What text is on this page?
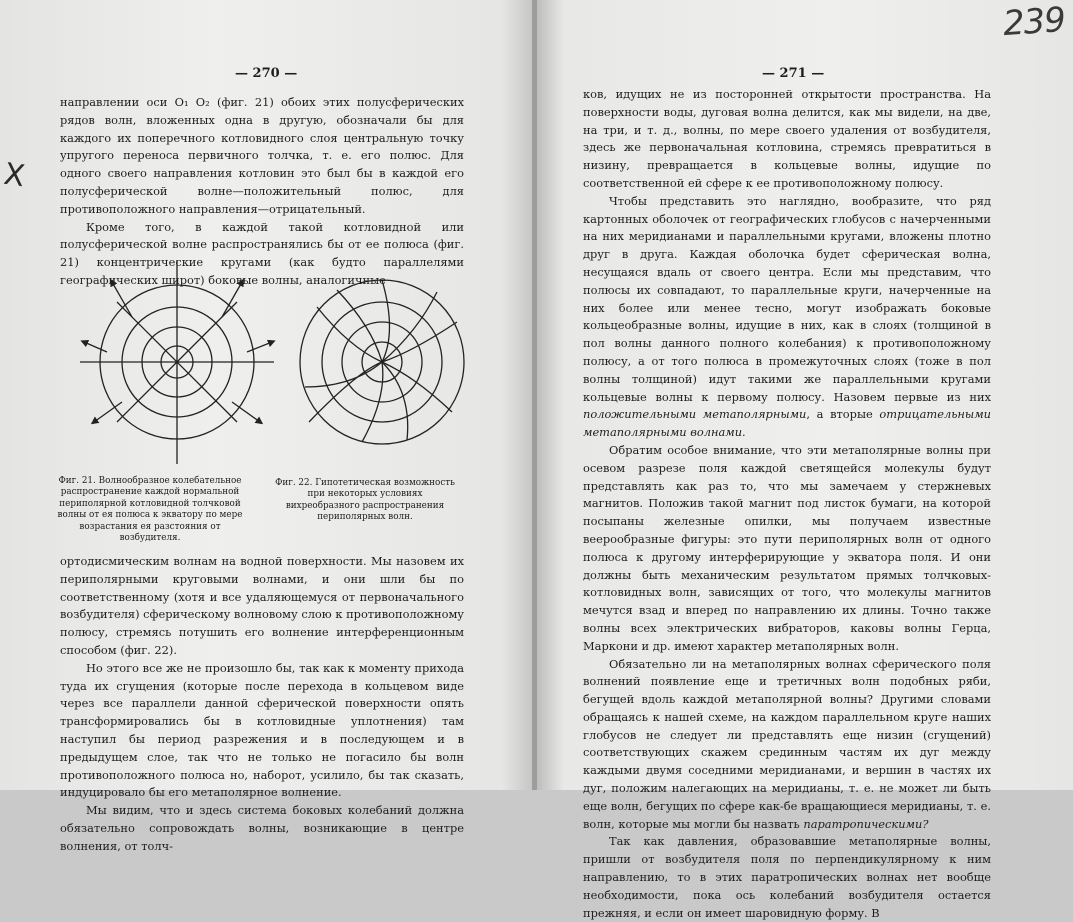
— 270 —
X

направлении оси O₁ O₂ (фиг. 21) обоих этих полусферических рядов волн, вложенных одна в другую, обозначали бы для каждого их поперечного котловидного слоя центральную точку упругого переноса первичного толчка, т. е. его полюс. Для одного своего направления котловин это был бы в каждой его полусферической волне—положительный полюс, для противоположного направления—отрицательный.

Кроме того, в каждой такой котловидной или полусферической волне распространялись бы от ее полюса (фиг. 21) концентрические кругами (как будто параллелями географических широт) боковые волны, аналогичные

Фиг. 21. Волнообразное колебательное распространение каждой нормальной периполярной котловидной толчковой волны от ея полюса к экватору по мере возрастания ея разстояния от возбудителя.
Фиг. 22. Гипотетическая возможность при некоторых условиях вихреобразного распространения периполярных волн.

ортодисмическим волнам на водной поверхности. Мы назовем их периполярными круговыми волнами, и они шли бы по соответственному (хотя и все удаляющемуся от первоначального возбудителя) сферическому волновому слою к противоположному полюсу, стремясь потушить его волнение интерференционным способом (фиг. 22).

Но этого все же не произошло бы, так как к моменту прихода туда их сгущения (которые после перехода в кольцевом виде через все параллели данной сферической поверхности опять трансформировались бы в котловидные уплотнения) там наступил бы период разрежения и в последующем и в предыдущем слое, так что не только не погасило бы волн противоположного полюса но, наборот, усилило, бы так сказать, индуцировало бы его метаполярное волнение.

Мы видим, что и здесь система боковых колебаний должна обязательно сопровождать волны, возникающие в центре волнения, от толч-

239
— 271 —

ков, идущих не из посторонней открытости пространства. На поверхности воды, дуговая волна делится, как мы видели, на две, на три, и т. д., волны, по мере своего удаления от возбудителя, здесь же первоначальная котловина, стремясь превратиться в низину, превращается в кольцевые волны, идущие по соответственной ей сфере к ее противоположному полюсу.

Чтобы представить это наглядно, вообразите, что ряд картонных оболочек от географических глобусов с начерченными на них меридианами и параллельными кругами, вложены плотно друг в друга. Каждая оболочка будет сферическая волна, несущаяся вдаль от своего центра. Если мы представим, что полюсы их совпадают, то параллельные круги, начерченные на них более или менее тесно, могут изображать боковые кольцеобразные волны, идущие в них, как в слоях (толщиной в пол волны данного полного колебания) к противоположному полюсу, а от того полюса в промежуточных слоях (тоже в пол волны толщиной) идут такими же параллельными кругами кольцевые волны к первому полюсу. Назовем первые из них положительными метаполярными, а вторые отрицательными метаполярными волнами.

Обратим особое внимание, что эти метаполярные волны при осевом разрезе поля каждой светящейся молекулы будут представлять как раз то, что мы замечаем у стержневых магнитов. Положив такой магнит под листок бумаги, на которой посыпаны железные опилки, мы получаем известные веерообразные фигуры: это пути периполярных волн от одного полюса к другому интерферирующие у экватора поля. И они должны быть механическим результатом прямых толчковых-котловидных волн, зависящих от того, что молекулы магнитов мечутся взад и вперед по направлению их длины. Точно также волны всех электрических вибраторов, каковы волны Герца, Маркони и др. имеют характер метаполярных волн.

Обязательно ли на метаполярных волнах сферического поля волнений появление еще и третичных волн подобных ряби, бегущей вдоль каждой метаполярной волны? Другими словами обращаясь к нашей схеме, на каждом параллельном круге наших глобусов не следует ли представлять еще низин (сгущений) соответствующих скажем срединным частям их дуг между каждыми двумя соседними меридианами, и вершин в частях их дуг, положим налегающих на меридианы, т. е. не может ли быть еще волн, бегущих по сфере как-бе вращающиеся меридианы, т. е. волн, которые мы могли бы назвать паратропическими?

Так как давления, образовавшие метаполярные волны, пришли от возбудителя поля по перпендикулярному к ним направлению, то в этих паратропических волнах нет вообще необходимости, пока ось колебаний возбудителя остается прежняя, и если он имеет шаровидную форму. В
